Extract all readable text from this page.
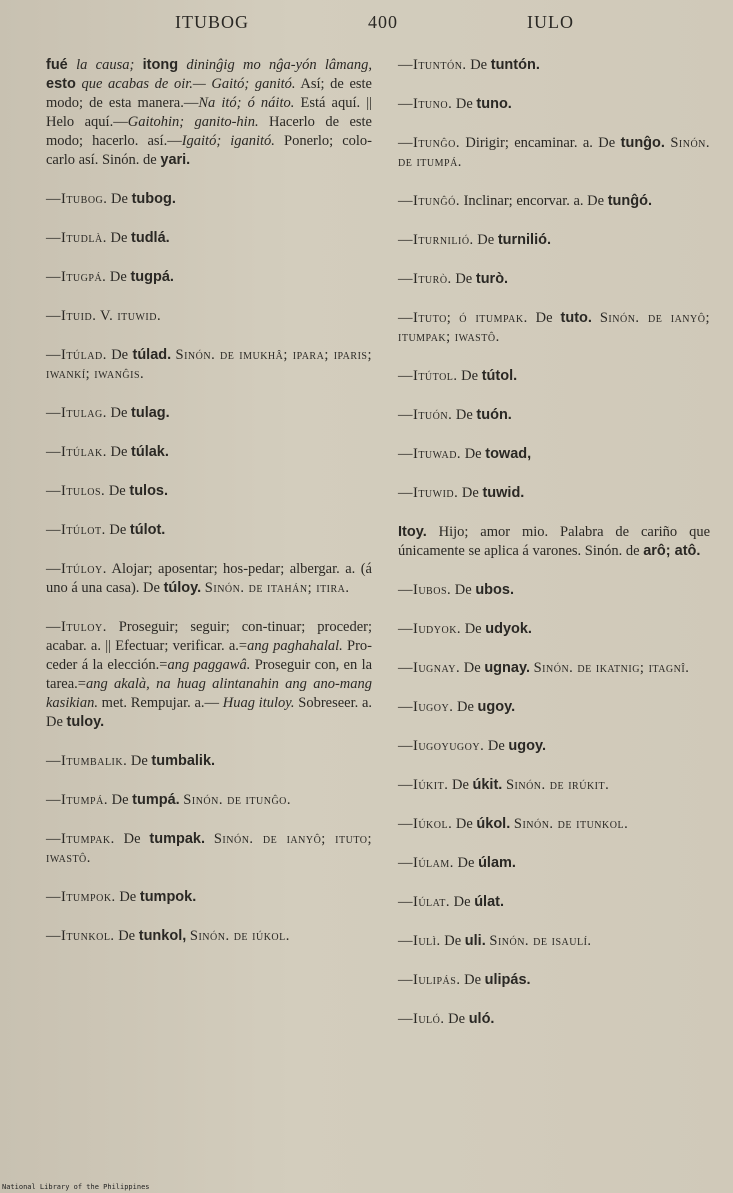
ITUBOG	400	IULO

fué la causa; itong dininĝig mo nĝa-yón lâmang, esto que acabas de oir.— Gaitó; ganitó. Así; de este modo; de esta manera.—Na itó; ó náito. Está aquí. || Helo aquí.—Gaitohin; ganito-hin. Hacerlo de este modo; hacerlo. así.—Igaitó; iganitó. Ponerlo; colo-carlo así. Sinón. de yari.

—Itubog. De tubog.

—Itudlà. De tudlá.

—Itugpá. De tugpá.

—Ituid. V. ituwid.

—Itúlad. De túlad. Sinón. de imukhâ; ipara; iparis; iwankí; iwanĝis.

—Itulag. De tulag.

—Itúlak. De túlak.

—Itulos. De tulos.

—Itúlot. De túlot.

—Itúloy. Alojar; aposentar; hos-pedar; albergar. a. (á uno á una casa). De túloy. Sinón. de itahán; itira.

—Ituloy. Proseguir; seguir; con-tinuar; proceder; acabar. a. || Efectuar; verificar. a.=ang paghahalal. Pro-ceder á la elección.=ang paggawâ. Proseguir con, en la tarea.=ang akalà, na huag alintanahin ang ano-mang kasikian. met. Rempujar. a.— Huag ituloy. Sobreseer. a. De tuloy.

—Itumbalik. De tumbalik.

—Itumpá. De tumpá. Sinón. de itunĝo.

—Itumpak. De tumpak. Sinón. de ianyô; ituto; iwastô.

—Itumpok. De tumpok.

—Itunkol. De tunkol, Sinón. de iúkol.

—Ituntón. De tuntón.

—Ituno. De tuno.

—Itunĝo. Dirigir; encaminar. a. De tunĝo. Sinón. de itumpá.

—Itunĝó. Inclinar; encorvar. a. De tunĝó.

—Iturnilió. De turnilió.

—Iturò. De turò.

—Ituto; ó itumpak. De tuto. Sinón. de ianyô; itumpak; iwastô.

—Itútol. De tútol.

—Ituón. De tuón.

—Ituwad. De towad,

—Ituwid. De tuwid.

Itoy. Hijo; amor mio. Palabra de cariño que únicamente se aplica á varones. Sinón. de arô; atô.

—Iubos. De ubos.

—Iudyok. De udyok.

—Iugnay. De ugnay. Sinón. de ikatnig; itagnî.

—Iugoy. De ugoy.

—Iugoyugoy. De ugoy.

—Iúkit. De úkit. Sinón. de irúkit.

—Iúkol. De úkol. Sinón. de itunkol.

—Iúlam. De úlam.

—Iúlat. De úlat.

—Iulì. De uli. Sinón. de isaulí.

—Iulipás. De ulipás.

—Iuló. De uló.

National Library of the Philippines
